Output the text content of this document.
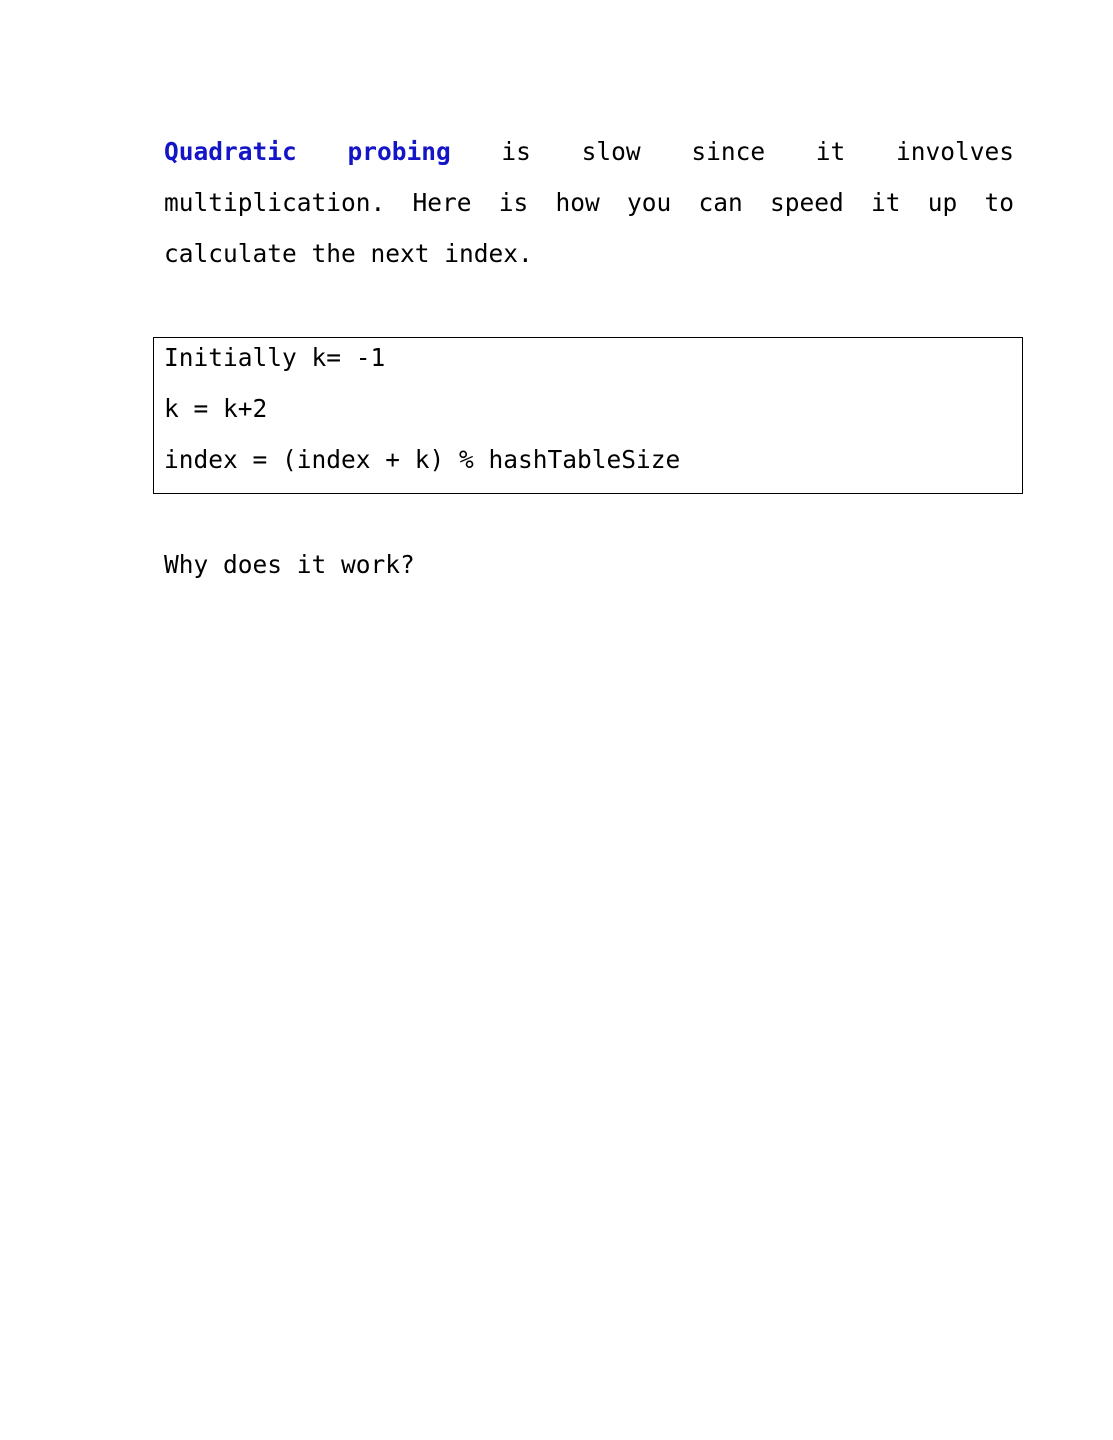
Quadratic probing is slow since it involves multiplication. Here is how you can speed it up to calculate the next index.

Initially k= -1
k = k+2
index = (index + k) % hashTableSize

Why does it work?
